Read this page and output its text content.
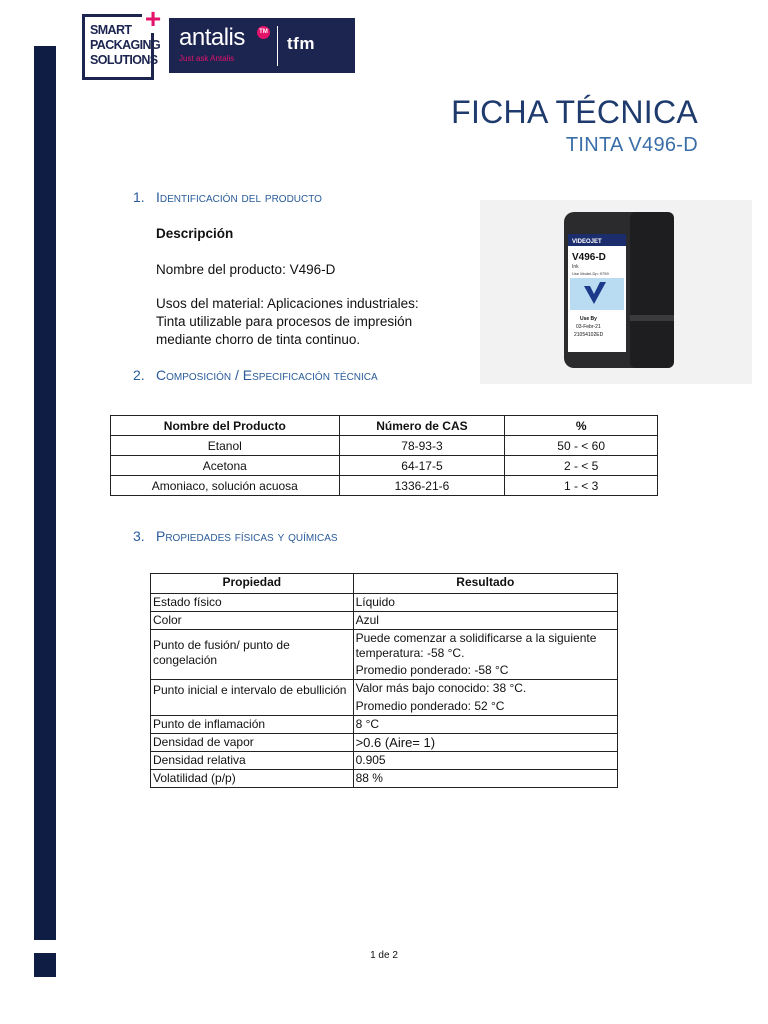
SMART
PACKAGING
SOLUTIONS
+
antalis	TM
Just ask Antalis
tfm
FICHA TÉCNICA
TINTA V496-D
1. Identificación del producto
Descripción
Nombre del producto: V496-D
Usos del material: Aplicaciones industriales:
Tinta utilizable para procesos de impresión
mediante chorro de tinta continuo.
VIDEOJET
V496-D
Ink
Use Model-Dp: 9759
Use By
03-Febr-21
21054102ED
2. Composición / Especificación técnica
Nombre del Producto	Número de CAS	%
Etanol	78-93-3	50 - < 60
Acetona	64-17-5	2 - < 5
Amoniaco, solución acuosa	1336-21-6	1 - < 3
3. Propiedades físicas y químicas
Propiedad	Resultado
Estado físico	Líquido
Color	Azul
Punto de fusión/ punto de congelación	Puede comenzar a solidificarse a la siguiente temperatura: -58 °C.
Promedio ponderado: -58 °C

Punto inicial e intervalo de ebullición	Valor más bajo conocido: 38 °C.
Promedio ponderado: 52 °C

Punto de inflamación	8 °C
Densidad de vapor	>0.6 (Aire= 1)
Densidad relativa	0.905
Volatilidad (p/p)	88 %
1 de 2
